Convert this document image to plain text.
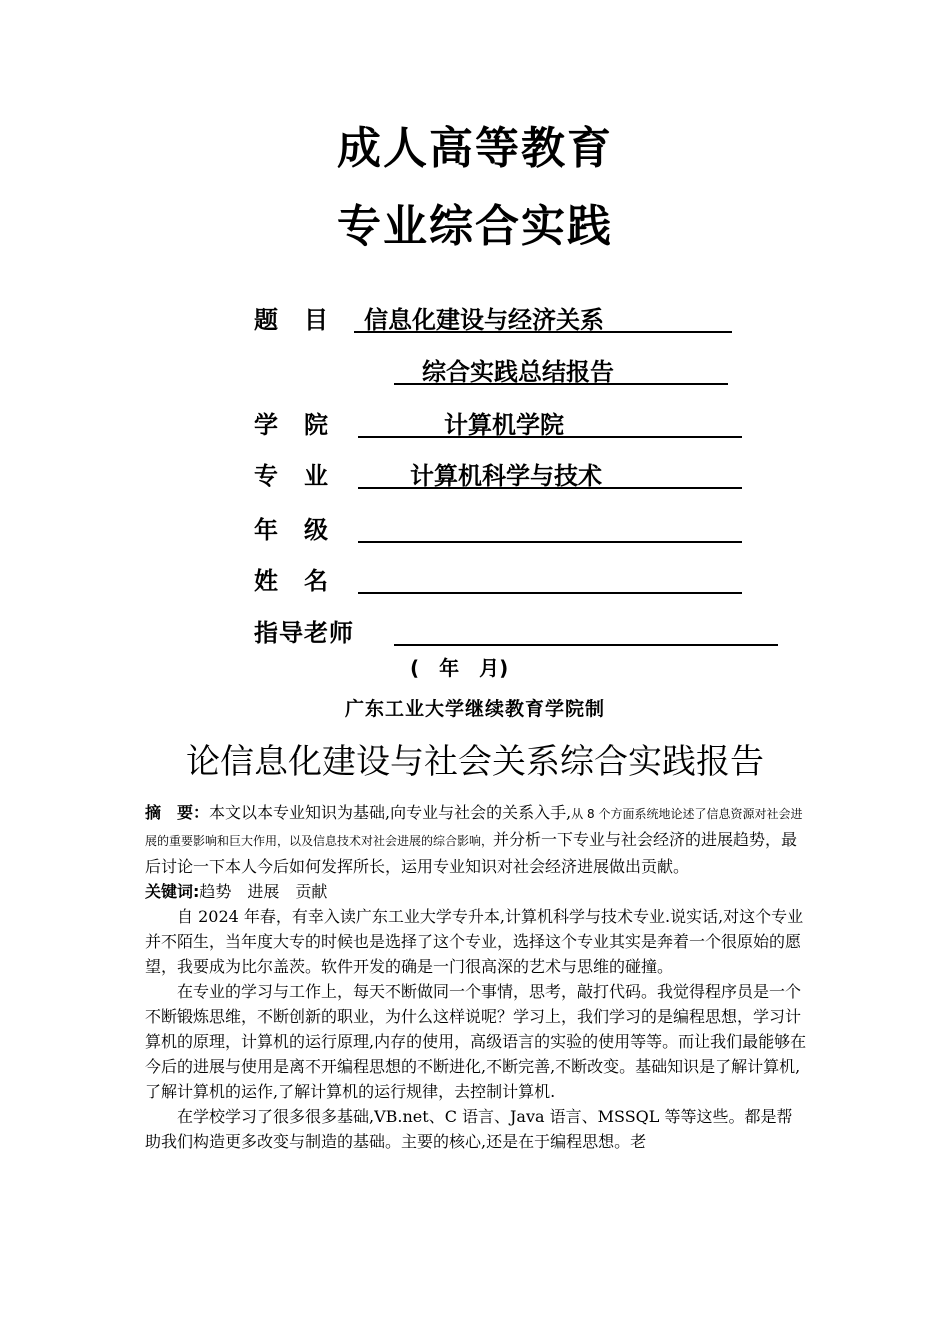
成人高等教育
专业综合实践
题　目 信息化建设与经济关系
综合实践总结报告
学　院	计算机学院
专　业	计算机科学与技术
年　级
姓　名
指导老师
(　年　月)
广东工业大学继续教育学院制
论信息化建设与社会关系综合实践报告

摘　要：本文以本专业知识为基础,向专业与社会的关系入手,从 8 个方面系统地论述了信息资源对社会进展的重要影响和巨大作用，以及信息技术对社会进展的综合影响，并分析一下专业与社会经济的进展趋势，最后讨论一下本人今后如何发挥所长，运用专业知识对社会经济进展做出贡献。

关键词:趋势　进展　贡献

自 2024 年春，有幸入读广东工业大学专升本,计算机科学与技术专业.说实话,对这个专业并不陌生，当年度大专的时候也是选择了这个专业，选择这个专业其实是奔着一个很原始的愿望，我要成为比尔盖茨。软件开发的确是一门很高深的艺术与思维的碰撞。

在专业的学习与工作上，每天不断做同一个事情，思考，敲打代码。我觉得程序员是一个不断锻炼思维，不断创新的职业，为什么这样说呢？学习上，我们学习的是编程思想，学习计算机的原理，计算机的运行原理,内存的使用，高级语言的实验的使用等等。而让我们最能够在今后的进展与使用是离不开编程思想的不断进化,不断完善,不断改变。基础知识是了解计算机,了解计算机的运作,了解计算机的运行规律，去控制计算机.

在学校学习了很多很多基础,VB.net、C 语言、Java 语言、MSSQL 等等这些。都是帮助我们构造更多改变与制造的基础。主要的核心,还是在于编程思想。老
